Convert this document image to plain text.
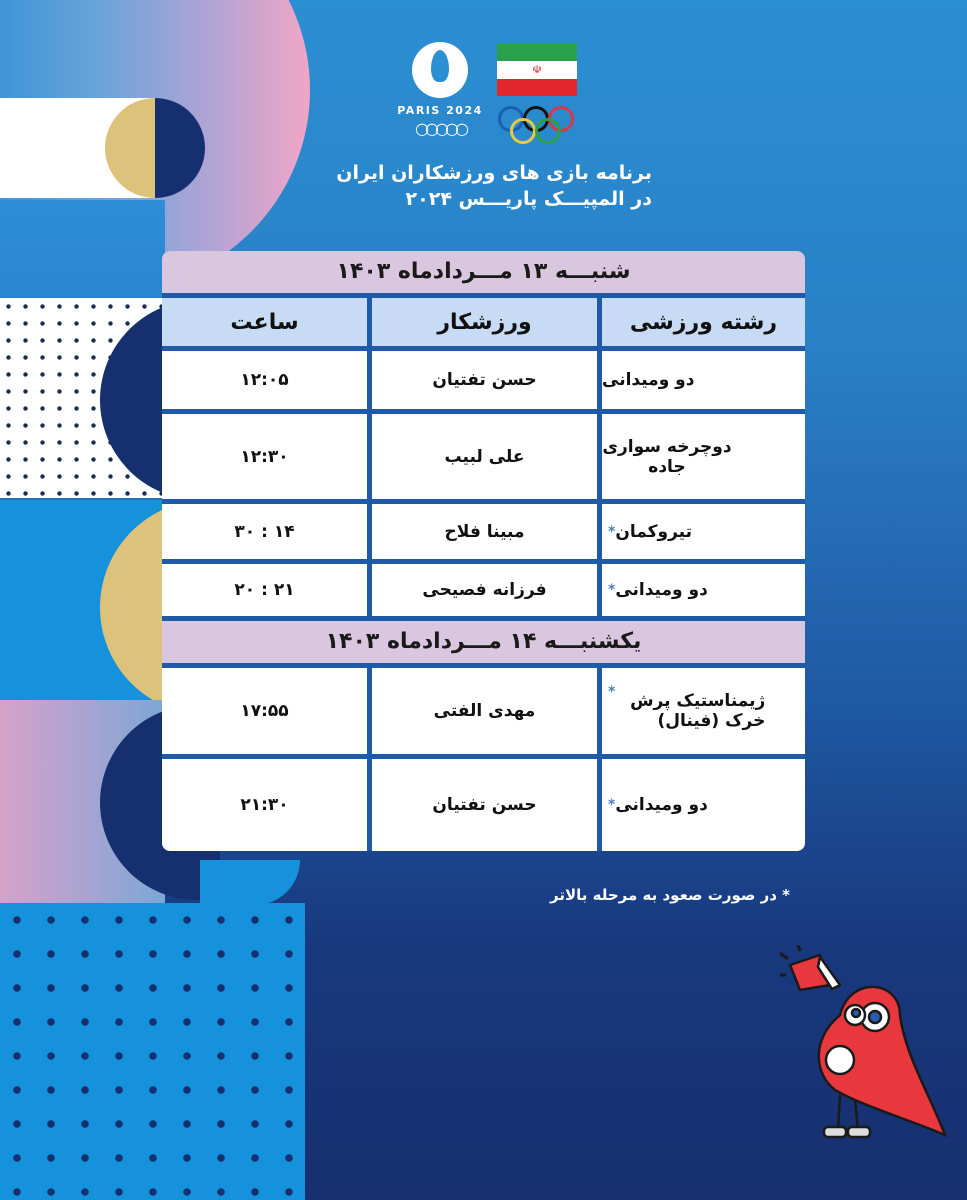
PARIS 2024
○○○○○
☫
برنامه بازی های ورزشکاران ایران
در المپیـــک پاریـــس ۲۰۲۴
شنبـــه ۱۳ مـــردادماه ۱۴۰۳
رشته ورزشی
ورزشکار
ساعت
دو ومیدانی
حسن تفتیان
۱۲:۰۵
دوچرخه سواری جاده
علی لبیب
۱۲:۳۰
تیروکمان
*
مبینا فلاح
۱۴ : ۳۰
دو ومیدانی
*
فرزانه فصیحی
۲۱ : ۲۰
یکشنبـــه ۱۴ مـــردادماه ۱۴۰۳
ژیمناستیک پرش خرک (فینال)
*
مهدی الفتی
۱۷:۵۵
دو ومیدانی
*
حسن تفتیان
۲۱:۳۰
* در صورت صعود به مرحله بالاتر
